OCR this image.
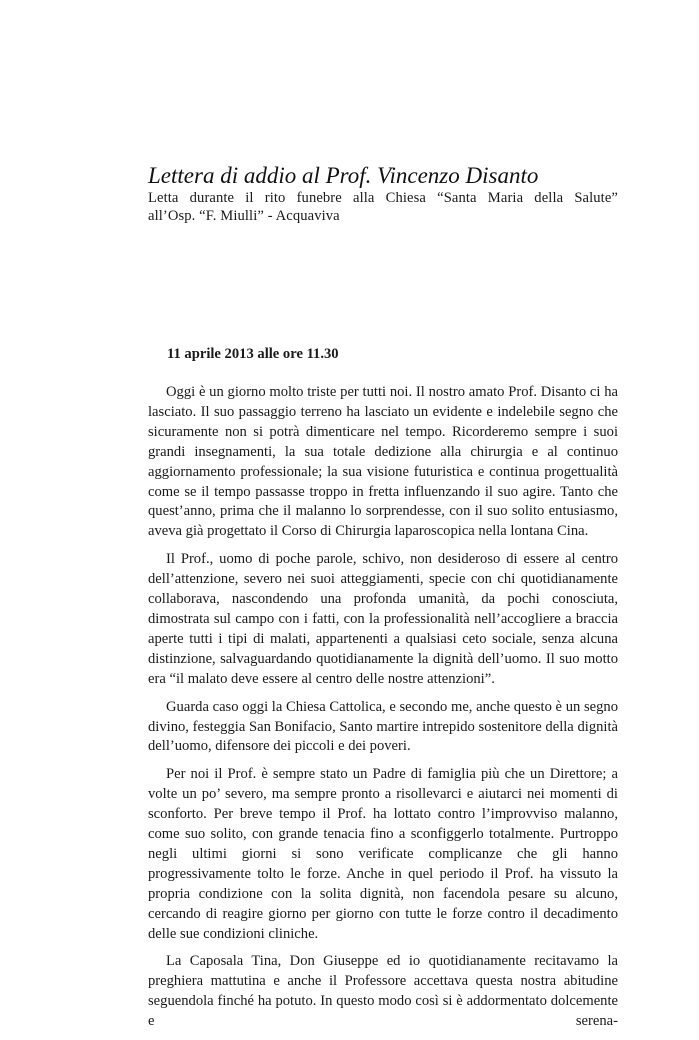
Lettera di addio al Prof. Vincenzo Disanto
Letta durante il rito funebre alla Chiesa “Santa Maria della Salute”
all’Osp. “F. Miulli” - Acquaviva
11 aprile 2013 alle ore 11.30

Oggi è un giorno molto triste per tutti noi. Il nostro amato Prof. Disanto ci ha lasciato. Il suo passaggio terreno ha lasciato un evidente e indelebile segno che sicuramente non si potrà dimenticare nel tempo. Ricorderemo sempre i suoi grandi insegnamenti, la sua totale dedizione alla chirurgia e al continuo aggiornamento professionale; la sua visione futuristica e continua progettualità come se il tempo passasse troppo in fretta influenzando il suo agire. Tanto che quest’anno, prima che il malanno lo sorprendesse, con il suo solito entusiasmo, aveva già progettato il Corso di Chirurgia laparoscopica nella lontana Cina.

Il Prof., uomo di poche parole, schivo, non desideroso di essere al centro dell’attenzione, severo nei suoi atteggiamenti, specie con chi quotidianamente collaborava, nascondendo una profonda umanità, da pochi conosciuta, dimostrata sul campo con i fatti, con la professionalità nell’accogliere a braccia aperte tutti i tipi di malati, appartenenti a qualsiasi ceto sociale, senza alcuna distinzione, salvaguardando quotidianamente la dignità dell’uomo. Il suo motto era “il malato deve essere al centro delle nostre attenzioni”.

Guarda caso oggi la Chiesa Cattolica, e secondo me, anche questo è un segno divino, festeggia San Bonifacio, Santo martire intrepido sostenitore della dignità dell’uomo, difensore dei piccoli e dei poveri.

Per noi il Prof. è sempre stato un Padre di famiglia più che un Direttore; a volte un po’ severo, ma sempre pronto a risollevarci e aiutarci nei momenti di sconforto. Per breve tempo il Prof. ha lottato contro l’improvviso malanno, come suo solito, con grande tenacia fino a sconfiggerlo totalmente. Purtroppo negli ultimi giorni si sono verificate complicanze che gli hanno progressivamente tolto le forze. Anche in quel periodo il Prof. ha vissuto la propria condizione con la solita dignità, non facendola pesare su alcuno, cercando di reagire giorno per giorno con tutte le forze contro il decadimento delle sue condizioni cliniche.

La Caposala Tina, Don Giuseppe ed io quotidianamente recitavamo la preghiera mattutina e anche il Professore accettava questa nostra abitudine seguendola finché ha potuto. In questo modo così si è addormentato dolcemente e serena-
